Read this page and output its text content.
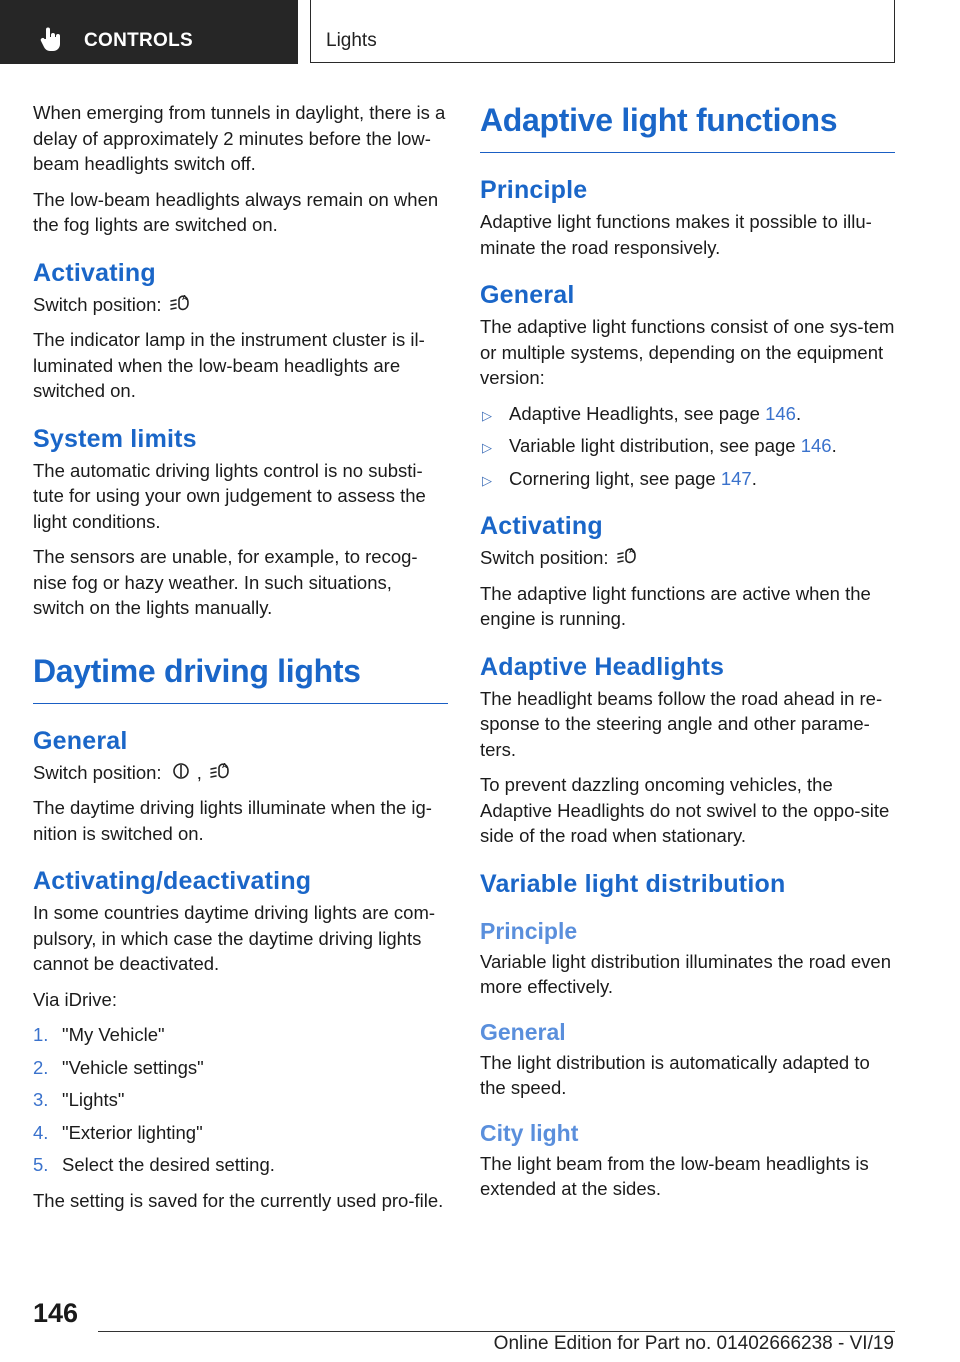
CONTROLS	Lights

When emerging from tunnels in daylight, there is a delay of approximately 2 minutes before the low-beam headlights switch off.

The low-beam headlights always remain on when the fog lights are switched on.

Activating

Switch position:	A

The indicator lamp in the instrument cluster is il‐luminated when the low-beam headlights are switched on.

System limits

The automatic driving lights control is no substi‐tute for using your own judgement to assess the light conditions.

The sensors are unable, for example, to recog‐nise fog or hazy weather. In such situations, switch on the lights manually.

Daytime driving lights
General

Switch position: ,	A

The daytime driving lights illuminate when the ig‐nition is switched on.

Activating/deactivating

In some countries daytime driving lights are com‐pulsory, in which case the daytime driving lights cannot be deactivated.

Via iDrive:

1. "My Vehicle"
2. "Vehicle settings"
3. "Lights"
4. "Exterior lighting"
5. Select the desired setting.

The setting is saved for the currently used pro‐file.

Adaptive light functions
Principle

Adaptive light functions makes it possible to illu‐minate the road responsively.

General

The adaptive light functions consist of one sys‐tem or multiple systems, depending on the equipment version:

▷ Adaptive Headlights, see page 146.
▷ Variable light distribution, see page 146.
▷ Cornering light, see page 147.
Activating

Switch position:	A

The adaptive light functions are active when the engine is running.

Adaptive Headlights

The headlight beams follow the road ahead in re‐sponse to the steering angle and other parame‐ters.

To prevent dazzling oncoming vehicles, the Adaptive Headlights do not swivel to the oppo‐site side of the road when stationary.

Variable light distribution
Principle

Variable light distribution illuminates the road even more effectively.

General

The light distribution is automatically adapted to the speed.

City light

The light beam from the low-beam headlights is extended at the sides.

146
Online Edition for Part no. 01402666238 - VI/19
